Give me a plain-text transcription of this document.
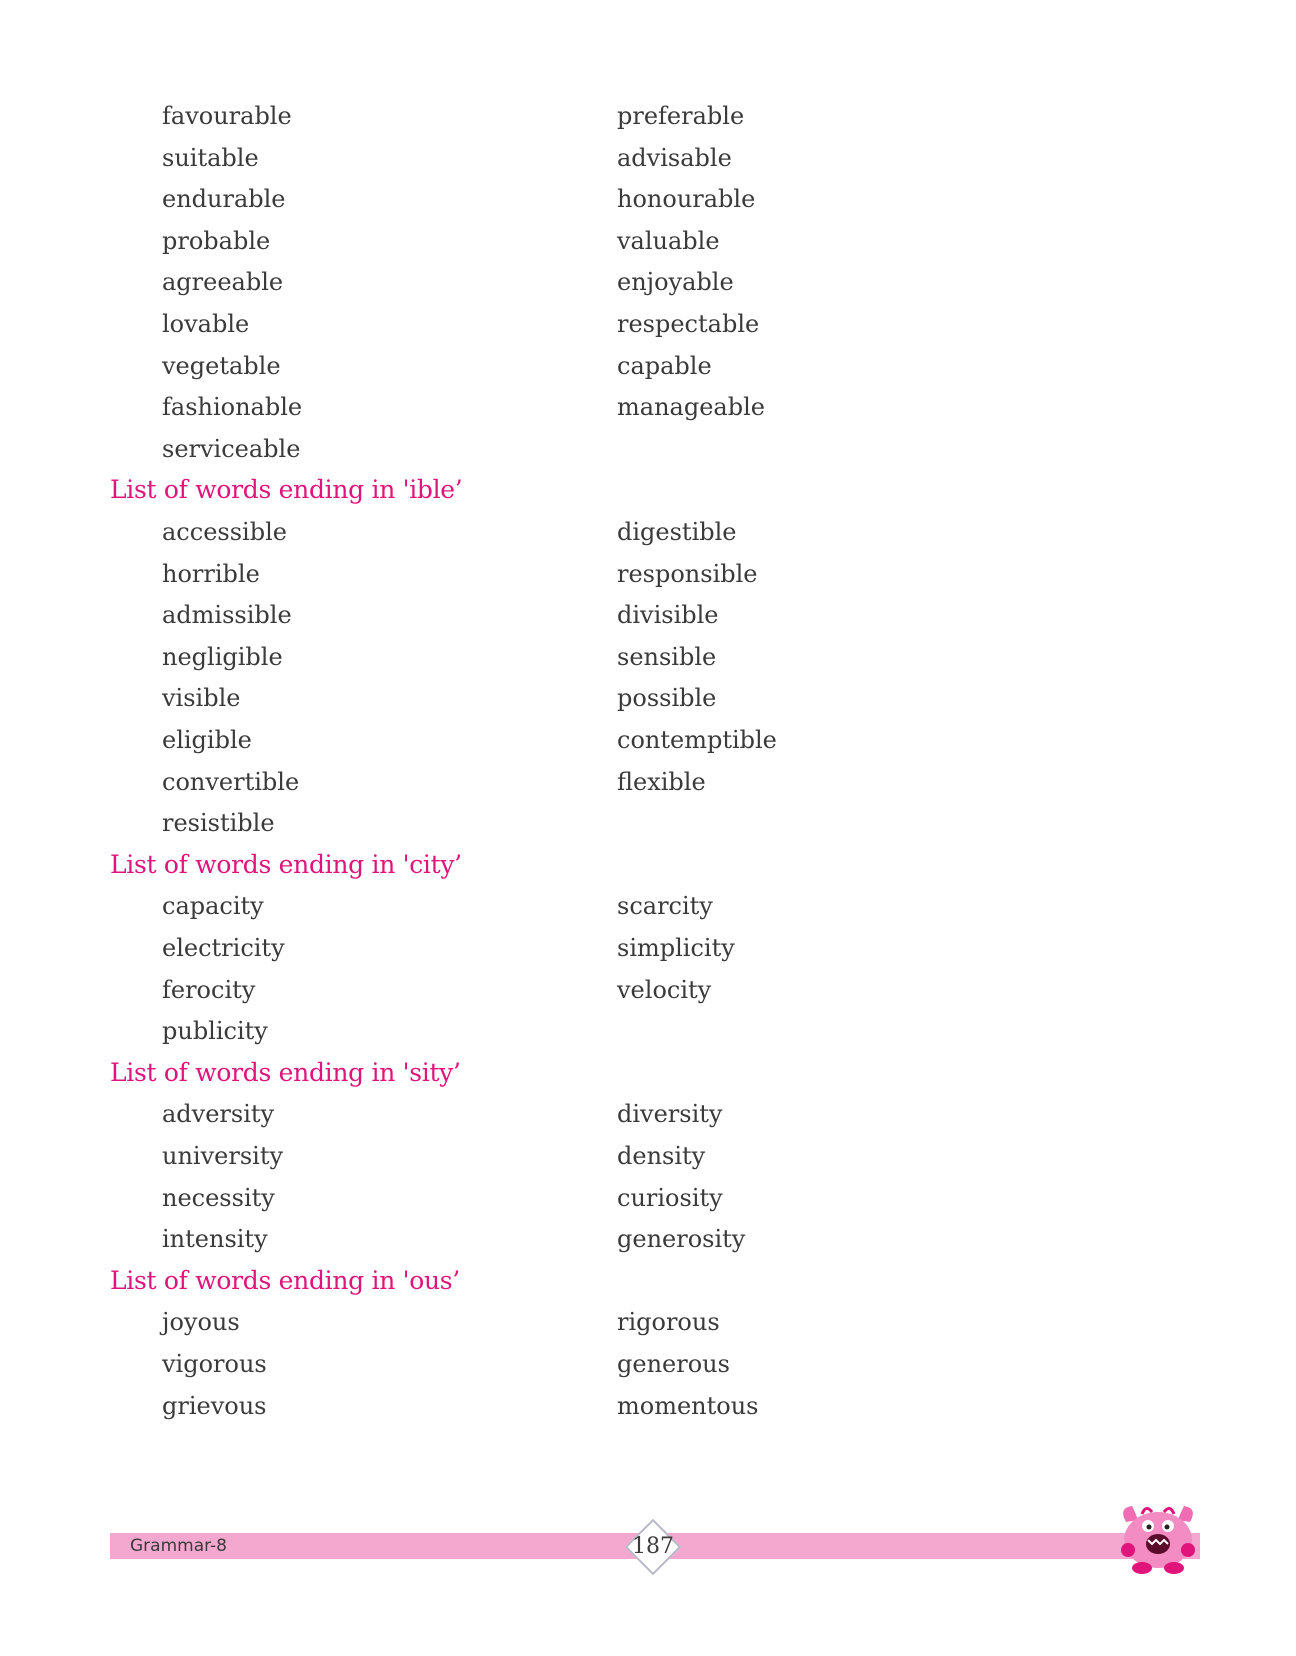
favourable	preferable
suitable	advisable
endurable	honourable
probable	valuable
agreeable	enjoyable
lovable	respectable
vegetable	capable
fashionable	manageable
serviceable
List of words ending in 'ible’
accessible	digestible
horrible	responsible
admissible	divisible
negligible	sensible
visible	possible
eligible	contemptible
convertible	flexible
resistible
List of words ending in 'city’
capacity	scarcity
electricity	simplicity
ferocity	velocity
publicity
List of words ending in 'sity’
adversity	diversity
university	density
necessity	curiosity
intensity	generosity
List of words ending in 'ous’
joyous	rigorous
vigorous	generous
grievous	momentous
Grammar-8	187
